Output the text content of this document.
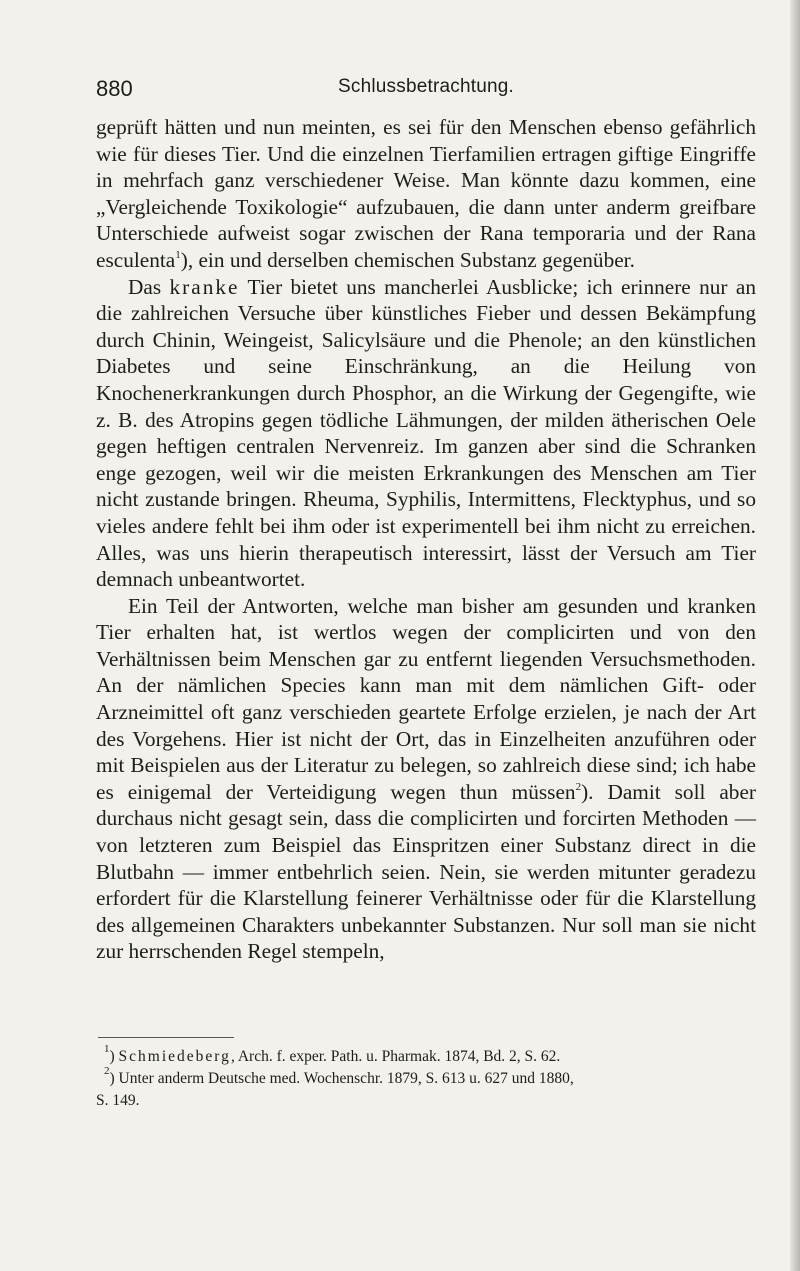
880	Schlussbetrachtung.

geprüft hätten und nun meinten, es sei für den Menschen ebenso gefährlich wie für dieses Tier. Und die einzelnen Tierfamilien ertragen giftige Eingriffe in mehrfach ganz verschiedener Weise. Man könnte dazu kommen, eine „Vergleichende Toxikologie“ aufzubauen, die dann unter anderm greifbare Unterschiede aufweist sogar zwischen der Rana temporaria und der Rana esculenta$^1$), ein und derselben chemischen Substanz gegenüber.

Das kranke Tier bietet uns mancherlei Ausblicke; ich erinnere nur an die zahlreichen Versuche über künstliches Fieber und dessen Bekämpfung durch Chinin, Weingeist, Salicylsäure und die Phenole; an den künstlichen Diabetes und seine Einschränkung, an die Heilung von Knochenerkrankungen durch Phosphor, an die Wirkung der Gegengifte, wie z. B. des Atropins gegen tödliche Lähmungen, der milden ätherischen Oele gegen heftigen centralen Nervenreiz. Im ganzen aber sind die Schranken enge gezogen, weil wir die meisten Erkrankungen des Menschen am Tier nicht zustande bringen. Rheuma, Syphilis, Intermittens, Flecktyphus, und so vieles andere fehlt bei ihm oder ist experimentell bei ihm nicht zu erreichen. Alles, was uns hierin therapeutisch interessirt, lässt der Versuch am Tier demnach unbeantwortet.

Ein Teil der Antworten, welche man bisher am gesunden und kranken Tier erhalten hat, ist wertlos wegen der complicirten und von den Verhältnissen beim Menschen gar zu entfernt liegenden Versuchsmethoden. An der nämlichen Species kann man mit dem nämlichen Gift- oder Arzneimittel oft ganz verschieden geartete Erfolge erzielen, je nach der Art des Vorgehens. Hier ist nicht der Ort, das in Einzelheiten anzuführen oder mit Beispielen aus der Literatur zu belegen, so zahlreich diese sind; ich habe es einigemal der Verteidigung wegen thun müssen$^2$). Damit soll aber durchaus nicht gesagt sein, dass die complicirten und forcirten Methoden — von letzteren zum Beispiel das Einspritzen einer Substanz direct in die Blutbahn — immer entbehrlich seien. Nein, sie werden mitunter geradezu erfordert für die Klarstellung feinerer Verhältnisse oder für die Klarstellung des allgemeinen Charakters unbekannter Substanzen. Nur soll man sie nicht zur herrschenden Regel stempeln,

$^1$) Schmiedeberg, Arch. f. exper. Path. u. Pharmak. 1874, Bd. 2, S. 62.

$^2$) Unter anderm Deutsche med. Wochenschr. 1879, S. 613 u. 627 und 1880,

S. 149.
